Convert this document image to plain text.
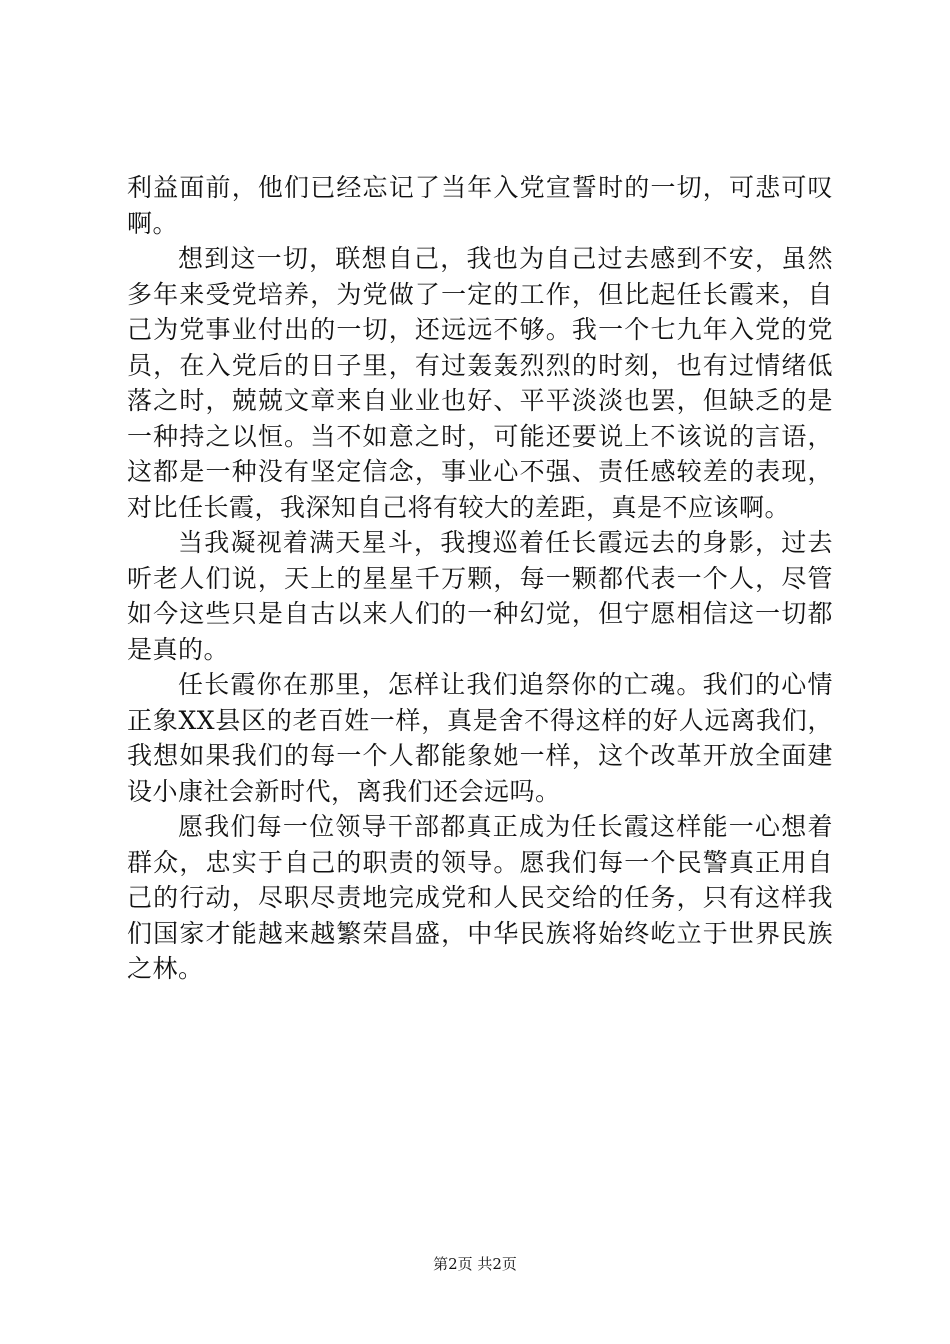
利益面前，他们已经忘记了当年入党宣誓时的一切，可悲可叹啊。

想到这一切，联想自己，我也为自己过去感到不安，虽然多年来受党培养，为党做了一定的工作，但比起任长霞来，自己为党事业付出的一切，还远远不够。我一个七九年入党的党员，在入党后的日子里，有过轰轰烈烈的时刻，也有过情绪低落之时，兢兢文章来自业业也好、平平淡淡也罢，但缺乏的是一种持之以恒。当不如意之时，可能还要说上不该说的言语，这都是一种没有坚定信念，事业心不强、责任感较差的表现，对比任长霞，我深知自己将有较大的差距，真是不应该啊。

当我凝视着满天星斗，我搜巡着任长霞远去的身影，过去听老人们说，天上的星星千万颗，每一颗都代表一个人，尽管如今这些只是自古以来人们的一种幻觉，但宁愿相信这一切都是真的。

任长霞你在那里，怎样让我们追祭你的亡魂。我们的心情正象XX县区的老百姓一样，真是舍不得这样的好人远离我们，我想如果我们的每一个人都能象她一样，这个改革开放全面建设小康社会新时代，离我们还会远吗。

愿我们每一位领导干部都真正成为任长霞这样能一心想着群众，忠实于自己的职责的领导。愿我们每一个民警真正用自己的行动，尽职尽责地完成党和人民交给的任务，只有这样我们国家才能越来越繁荣昌盛，中华民族将始终屹立于世界民族之林。

第2页 共2页
